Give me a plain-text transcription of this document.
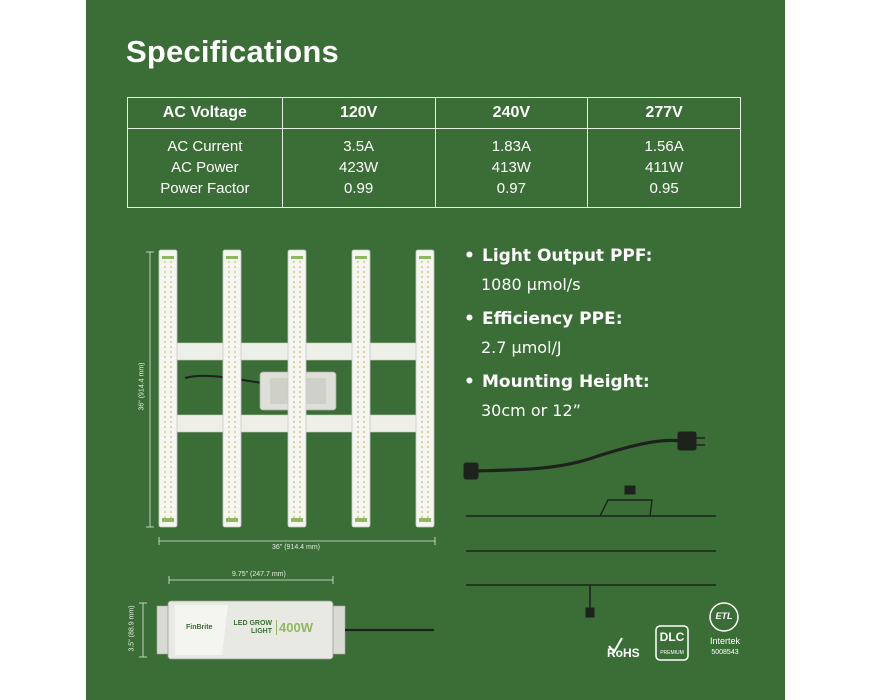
Specifications
AC Voltage	120V	240V	277V
AC Current	3.5A	1.83A	1.56A
AC Power	423W	413W	411W
Power Factor	0.99	0.97	0.95
• Light Output PPF:
1080 μmol/s
• Efficiency PPE:
2.7 μmol/J
• Mounting Height:
30cm or 12”
36" (914.4 mm)
36" (914.4 mm)
9.75" (247.7 mm)
3.5" (88.9 mm)	FinBrite
LED GROW
LIGHT 400W
RoHS
DLC
PREMIUM
ETL
Intertek
5008543
